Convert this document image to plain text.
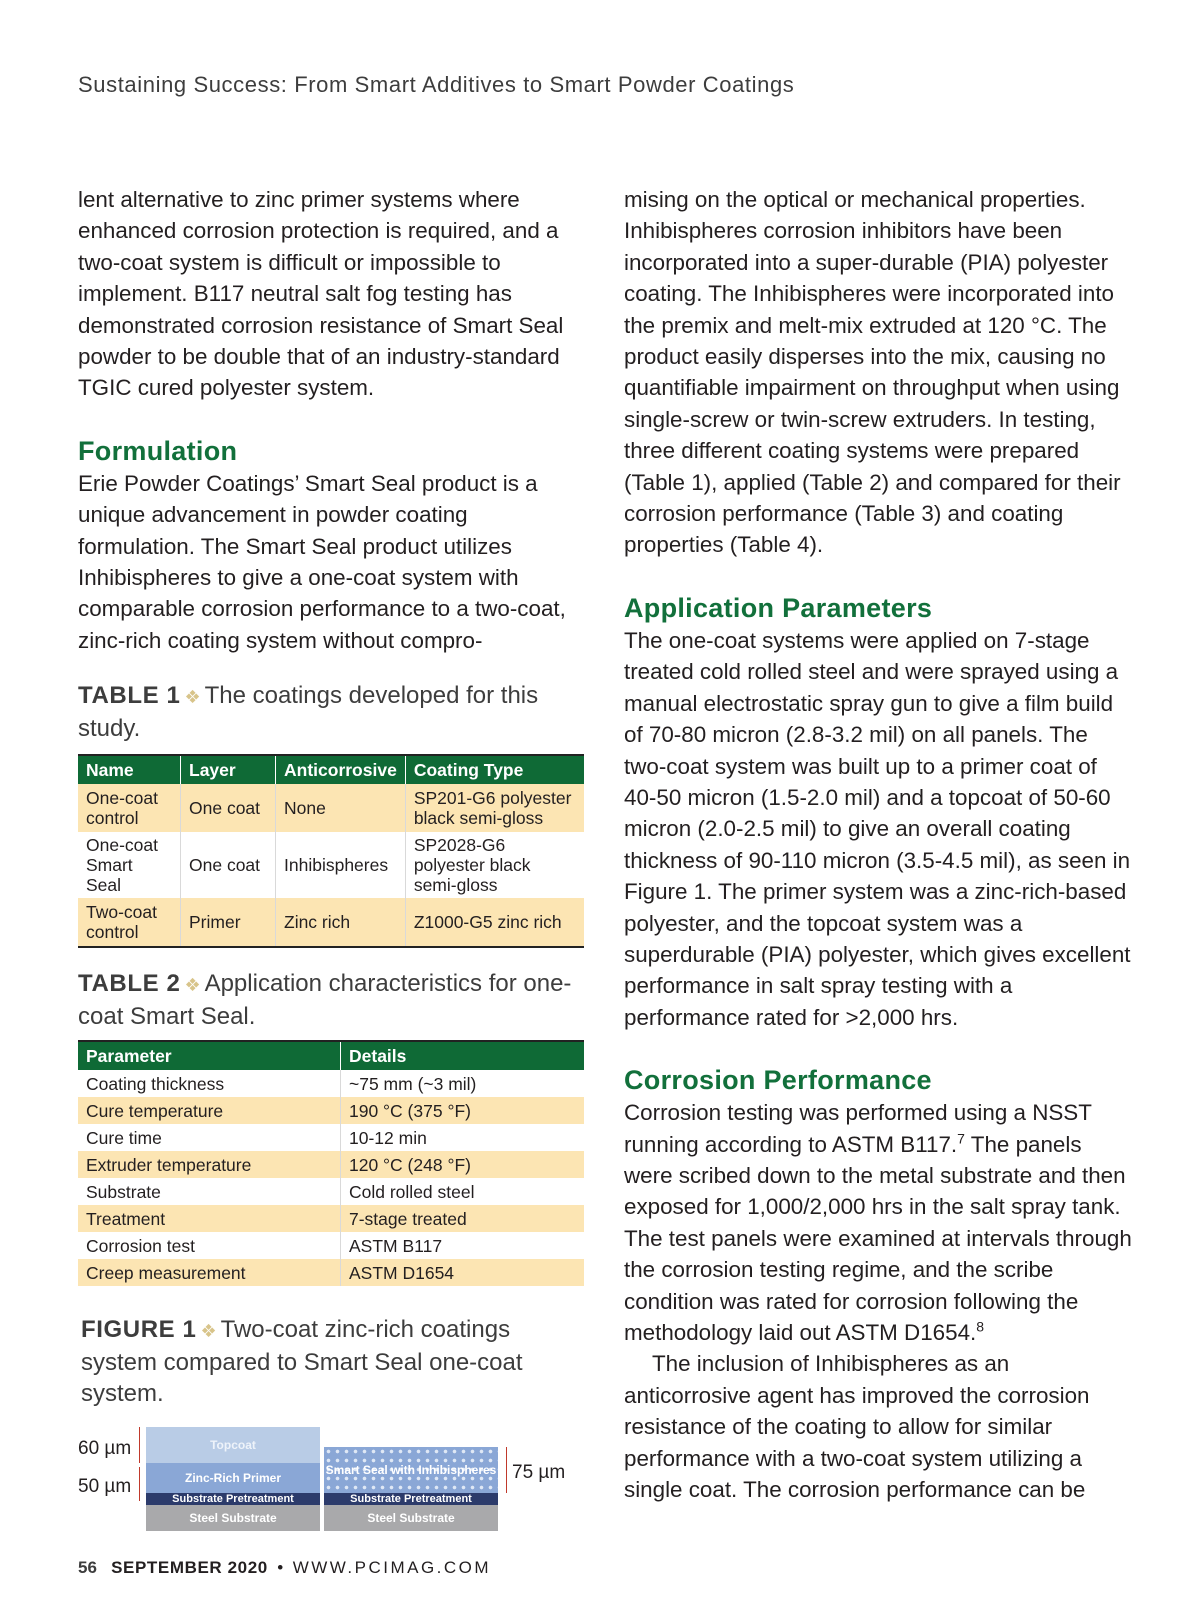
Sustaining Success: From Smart Additives to Smart Powder Coatings

lent alternative to zinc primer systems where enhanced corrosion protection is required, and a two-coat system is difficult or impossible to implement. B117 neutral salt fog testing has demonstrated corrosion resistance of Smart Seal powder to be double that of an industry-standard TGIC cured polyester system.

Formulation

Erie Powder Coatings’ Smart Seal product is a unique advancement in powder coating formulation. The Smart Seal product utilizes Inhibispheres to give a one-coat system with comparable corrosion performance to a two-coat, zinc-rich coating system without compro-

TABLE 1 ❖ The coatings developed for this study.

Name	Layer	Anticorrosive	Coating Type
One-coat control	One coat	None	SP201-G6 polyester black semi-gloss
One-coat Smart Seal	One coat	Inhibispheres	SP2028-G6 polyester black semi-gloss
Two-coat control	Primer	Zinc rich	Z1000-G5 zinc rich

TABLE 2 ❖ Application characteristics for one-coat Smart Seal.

Parameter	Details
Coating thickness	~75 mm (~3 mil)
Cure temperature	190 °C (375 °F)
Cure time	10-12 min
Extruder temperature	120 °C (248 °F)
Substrate	Cold rolled steel
Treatment	7-stage treated
Corrosion test	ASTM B117
Creep measurement	ASTM D1654

FIGURE 1 ❖ Two-coat zinc-rich coatings system compared to Smart Seal one-coat system.

60 µm
50 µm
Topcoat
Zinc-Rich Primer
Substrate Pretreatment
Steel Substrate
Smart Seal with Inhibispheres
Substrate Pretreatment
Steel Substrate
75 µm

mising on the optical or mechanical properties. Inhibispheres corrosion inhibitors have been incorporated into a super-durable (PIA) polyester coating. The Inhibispheres were incorporated into the premix and melt-mix extruded at 120 °C. The product easily disperses into the mix, causing no quantifiable impairment on throughput when using single-screw or twin-screw extruders. In testing, three different coating systems were prepared (Table 1), applied (Table 2) and compared for their corrosion performance (Table 3) and coating properties (Table 4).

Application Parameters

The one-coat systems were applied on 7-stage treated cold rolled steel and were sprayed using a manual electrostatic spray gun to give a film build of 70-80 micron (2.8-3.2 mil) on all panels. The two-coat system was built up to a primer coat of 40-50 micron (1.5-2.0 mil) and a topcoat of 50-60 micron (2.0-2.5 mil) to give an overall coating thickness of 90-110 micron (3.5-4.5 mil), as seen in Figure 1. The primer system was a zinc-rich-based polyester, and the topcoat system was a superdurable (PIA) polyester, which gives excellent performance in salt spray testing with a performance rated for >2,000 hrs.

Corrosion Performance

Corrosion testing was performed using a NSST running according to ASTM B117.$^7$ The panels were scribed down to the metal substrate and then exposed for 1,000/2,000 hrs in the salt spray tank. The test panels were examined at intervals through the corrosion testing regime, and the scribe condition was rated for corrosion following the methodology laid out ASTM D1654.$^8$

The inclusion of Inhibispheres as an anticorrosive agent has improved the corrosion resistance of the coating to allow for similar performance with a two-coat system utilizing a single coat. The corrosion performance can be

56 SEPTEMBER 2020 • WWW.PCIMAG.COM
